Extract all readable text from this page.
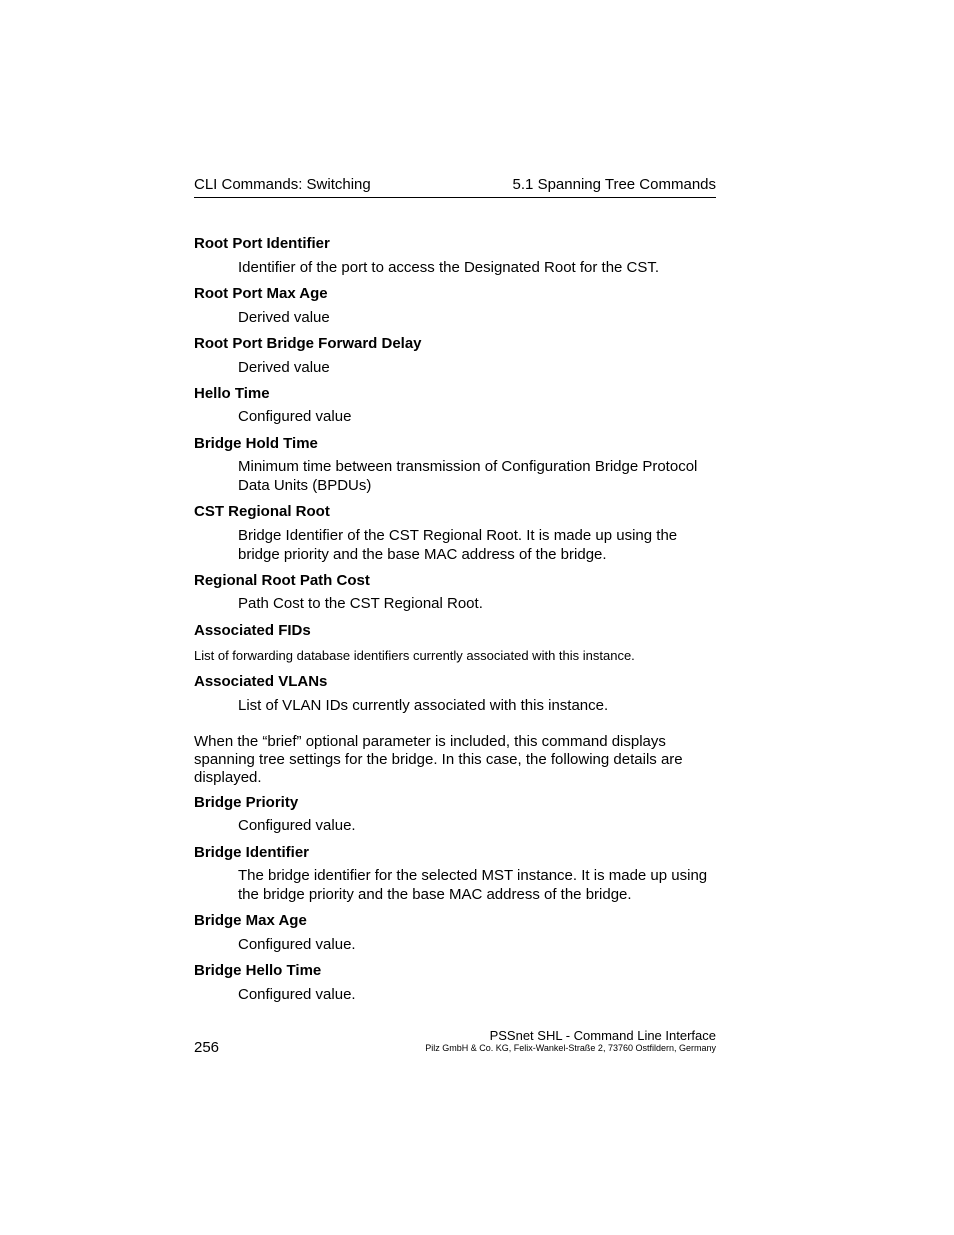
CLI Commands: Switching	5.1 Spanning Tree Commands
Root Port Identifier
Identifier of the port to access the Designated Root for the CST.
Root Port Max Age
Derived value
Root Port Bridge Forward Delay
Derived value
Hello Time
Configured value
Bridge Hold Time
Minimum time between transmission of Configuration Bridge Protocol Data Units (BPDUs)
CST Regional Root
Bridge Identifier of the CST Regional Root. It is made up using the bridge priority and the base MAC address of the bridge.
Regional Root Path Cost
Path Cost to the CST Regional Root.
Associated FIDs
List of forwarding database identifiers currently associated with this instance.
Associated VLANs
List of VLAN IDs currently associated with this instance.
When the “brief” optional parameter is included, this command displays spanning tree settings for the bridge. In this case, the following details are displayed.
Bridge Priority
Configured value.
Bridge Identifier
The bridge identifier for the selected MST instance. It is made up using the bridge priority and the base MAC address of the bridge.
Bridge Max Age
Configured value.
Bridge Hello Time
Configured value.
PSSnet SHL - Command Line Interface
Pilz GmbH & Co. KG, Felix-Wankel-Straße 2, 73760 Ostfildern, Germany
256
